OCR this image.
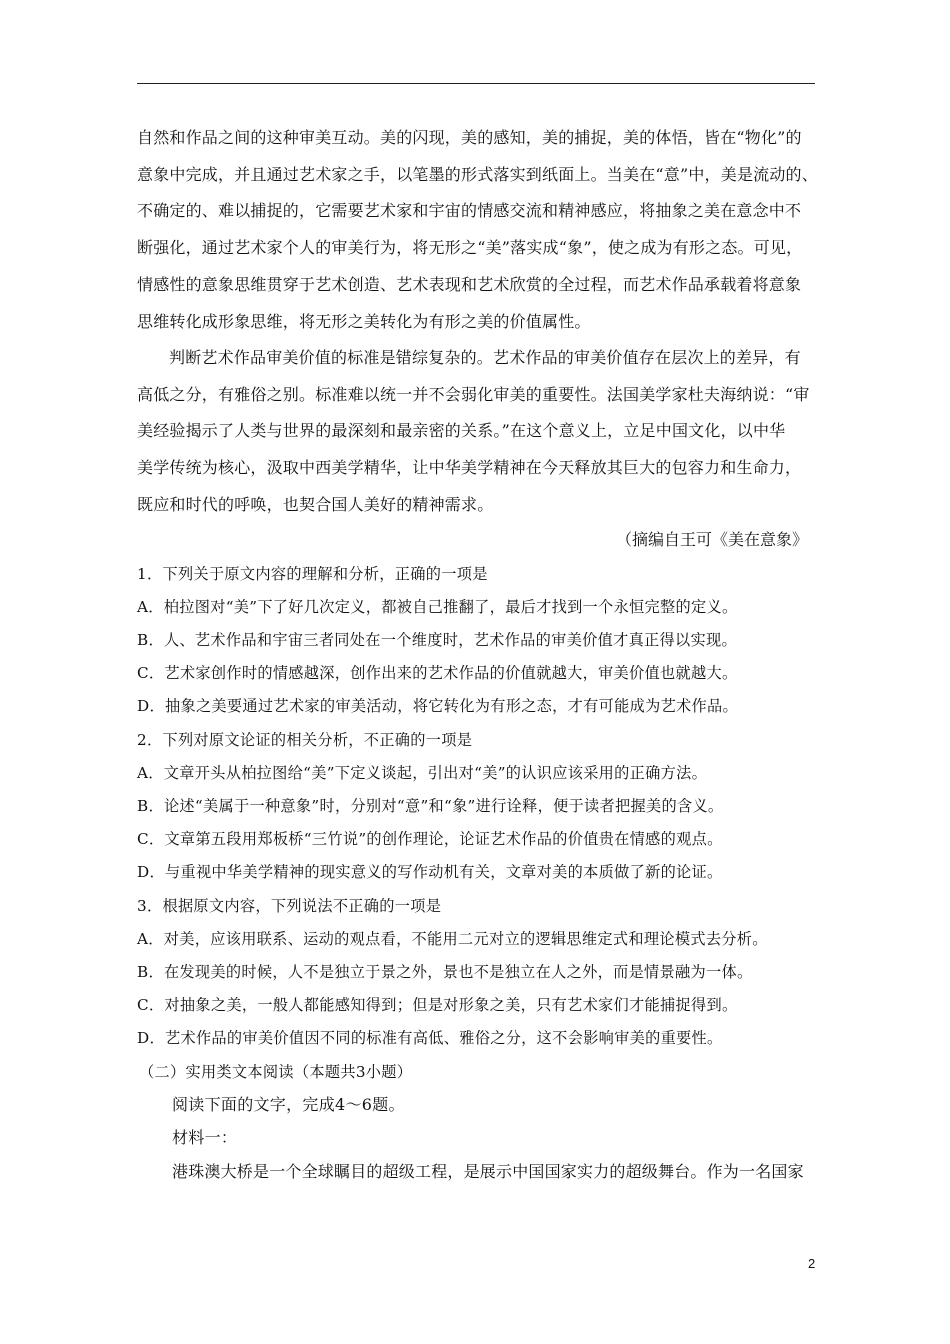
自然和作品之间的这种审美互动。美的闪现，美的感知，美的捕捉，美的体悟，皆在“物化”的
意象中完成，并且通过艺术家之手，以笔墨的形式落实到纸面上。当美在“意”中，美是流动的、
不确定的、难以捕捉的，它需要艺术家和宇宙的情感交流和精神感应，将抽象之美在意念中不
断强化，通过艺术家个人的审美行为，将无形之“美”落实成“象”，使之成为有形之态。可见，
情感性的意象思维贯穿于艺术创造、艺术表现和艺术欣赏的全过程，而艺术作品承载着将意象
思维转化成形象思维，将无形之美转化为有形之美的价值属性。
判断艺术作品审美价值的标准是错综复杂的。艺术作品的审美价值存在层次上的差异，有
高低之分，有雅俗之别。标准难以统一并不会弱化审美的重要性。法国美学家杜夫海纳说：“审
美经验揭示了人类与世界的最深刻和最亲密的关系。”在这个意义上，立足中国文化，以中华
美学传统为核心，汲取中西美学精华，让中华美学精神在今天释放其巨大的包容力和生命力，
既应和时代的呼唤，也契合国人美好的精神需求。
（摘编自王可《美在意象》
1．下列关于原文内容的理解和分析，正确的一项是
A．柏拉图对“美”下了好几次定义，都被自己推翻了，最后才找到一个永恒完整的定义。
B．人、艺术作品和宇宙三者同处在一个维度时，艺术作品的审美价值才真正得以实现。
C．艺术家创作时的情感越深，创作出来的艺术作品的价值就越大，审美价值也就越大。
D．抽象之美要通过艺术家的审美活动，将它转化为有形之态，才有可能成为艺术作品。
2．下列对原文论证的相关分析，不正确的一项是
A．文章开头从柏拉图给“美”下定义谈起，引出对“美”的认识应该采用的正确方法。
B．论述“美属于一种意象”时，分别对“意”和“象”进行诠释，便于读者把握美的含义。
C．文章第五段用郑板桥“三竹说”的创作理论，论证艺术作品的价值贵在情感的观点。
D．与重视中华美学精神的现实意义的写作动机有关，文章对美的本质做了新的论证。
3．根据原文内容，下列说法不正确的一项是
A．对美，应该用联系、运动的观点看，不能用二元对立的逻辑思维定式和理论模式去分析。
B．在发现美的时候，人不是独立于景之外，景也不是独立在人之外，而是情景融为一体。
C．对抽象之美，一般人都能感知得到；但是对形象之美，只有艺术家们才能捕捉得到。
D．艺术作品的审美价值因不同的标准有高低、雅俗之分，这不会影响审美的重要性。
（二）实用类文本阅读（本题共3小题）
阅读下面的文字，完成4～6题。
材料一：
港珠澳大桥是一个全球瞩目的超级工程，是展示中国国家实力的超级舞台。作为一名国家
2
